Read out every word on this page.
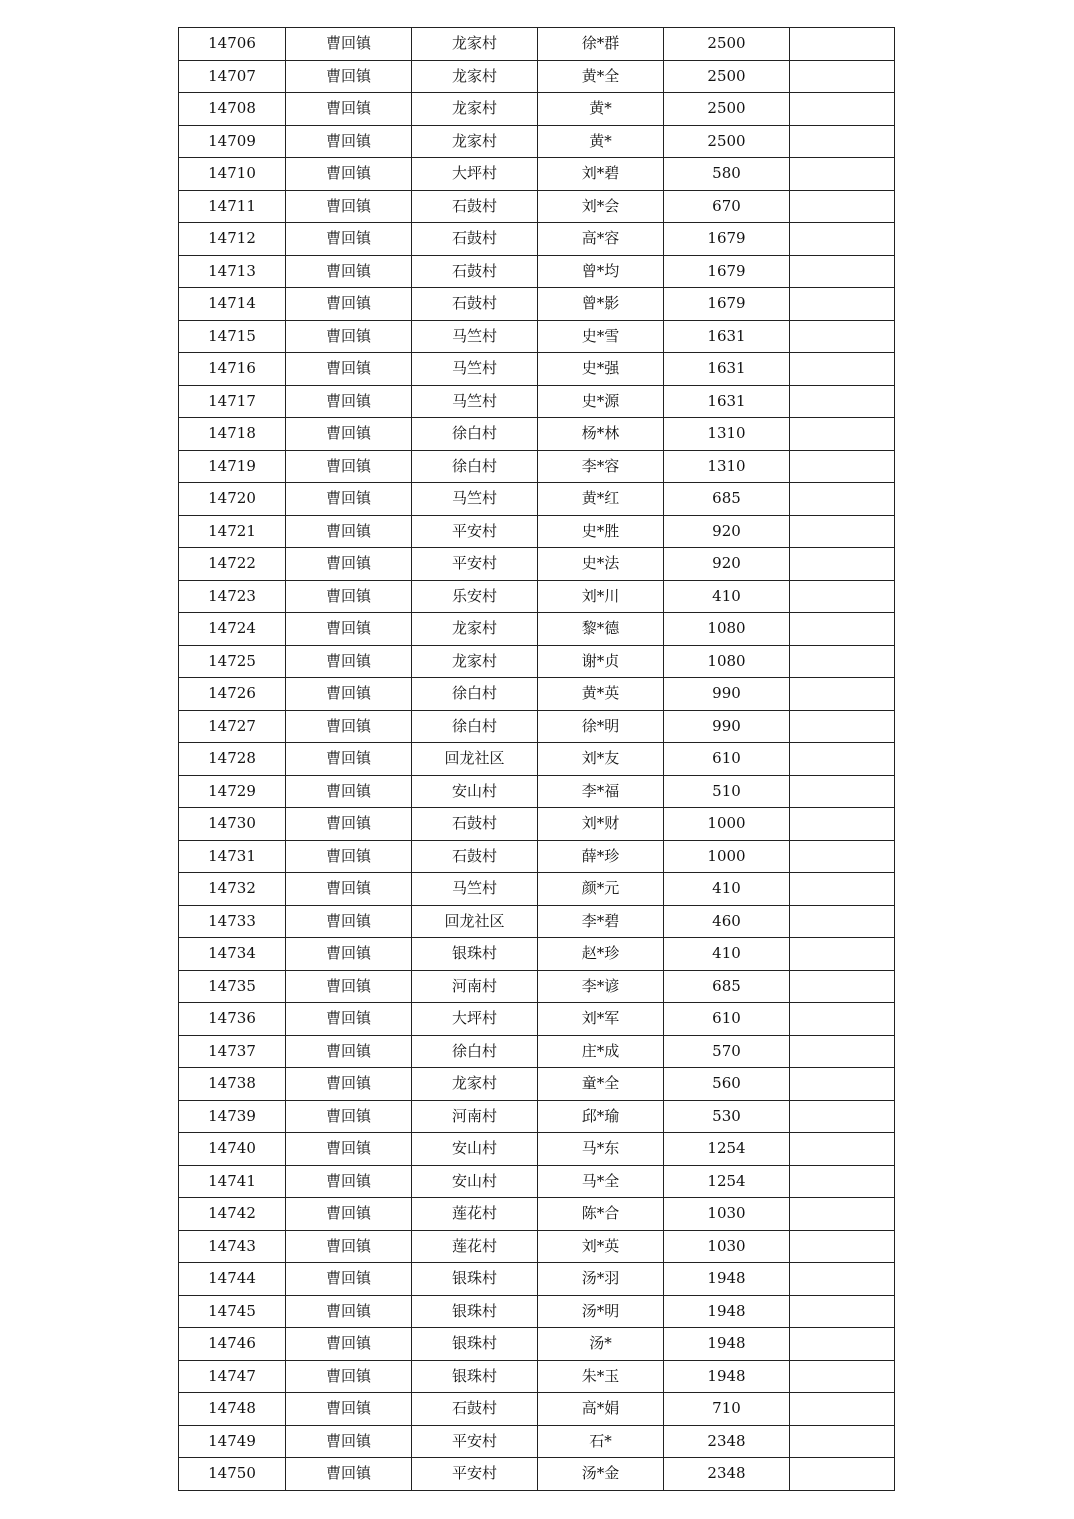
14706	曹回镇	龙家村	徐*群	2500	
14707	曹回镇	龙家村	黄*全	2500	
14708	曹回镇	龙家村	黄*	2500	
14709	曹回镇	龙家村	黄*	2500	
14710	曹回镇	大坪村	刘*碧	580	
14711	曹回镇	石鼓村	刘*会	670	
14712	曹回镇	石鼓村	高*容	1679	
14713	曹回镇	石鼓村	曾*均	1679	
14714	曹回镇	石鼓村	曾*影	1679	
14715	曹回镇	马竺村	史*雪	1631	
14716	曹回镇	马竺村	史*强	1631	
14717	曹回镇	马竺村	史*源	1631	
14718	曹回镇	徐白村	杨*林	1310	
14719	曹回镇	徐白村	李*容	1310	
14720	曹回镇	马竺村	黄*红	685	
14721	曹回镇	平安村	史*胜	920	
14722	曹回镇	平安村	史*法	920	
14723	曹回镇	乐安村	刘*川	410	
14724	曹回镇	龙家村	黎*德	1080	
14725	曹回镇	龙家村	谢*贞	1080	
14726	曹回镇	徐白村	黄*英	990	
14727	曹回镇	徐白村	徐*明	990	
14728	曹回镇	回龙社区	刘*友	610	
14729	曹回镇	安山村	李*福	510	
14730	曹回镇	石鼓村	刘*财	1000	
14731	曹回镇	石鼓村	薛*珍	1000	
14732	曹回镇	马竺村	颜*元	410	
14733	曹回镇	回龙社区	李*碧	460	
14734	曹回镇	银珠村	赵*珍	410	
14735	曹回镇	河南村	李*谚	685	
14736	曹回镇	大坪村	刘*军	610	
14737	曹回镇	徐白村	庄*成	570	
14738	曹回镇	龙家村	童*全	560	
14739	曹回镇	河南村	邱*瑜	530	
14740	曹回镇	安山村	马*东	1254	
14741	曹回镇	安山村	马*全	1254	
14742	曹回镇	莲花村	陈*合	1030	
14743	曹回镇	莲花村	刘*英	1030	
14744	曹回镇	银珠村	汤*羽	1948	
14745	曹回镇	银珠村	汤*明	1948	
14746	曹回镇	银珠村	汤*	1948	
14747	曹回镇	银珠村	朱*玉	1948	
14748	曹回镇	石鼓村	高*娟	710	
14749	曹回镇	平安村	石*	2348	
14750	曹回镇	平安村	汤*金	2348	
